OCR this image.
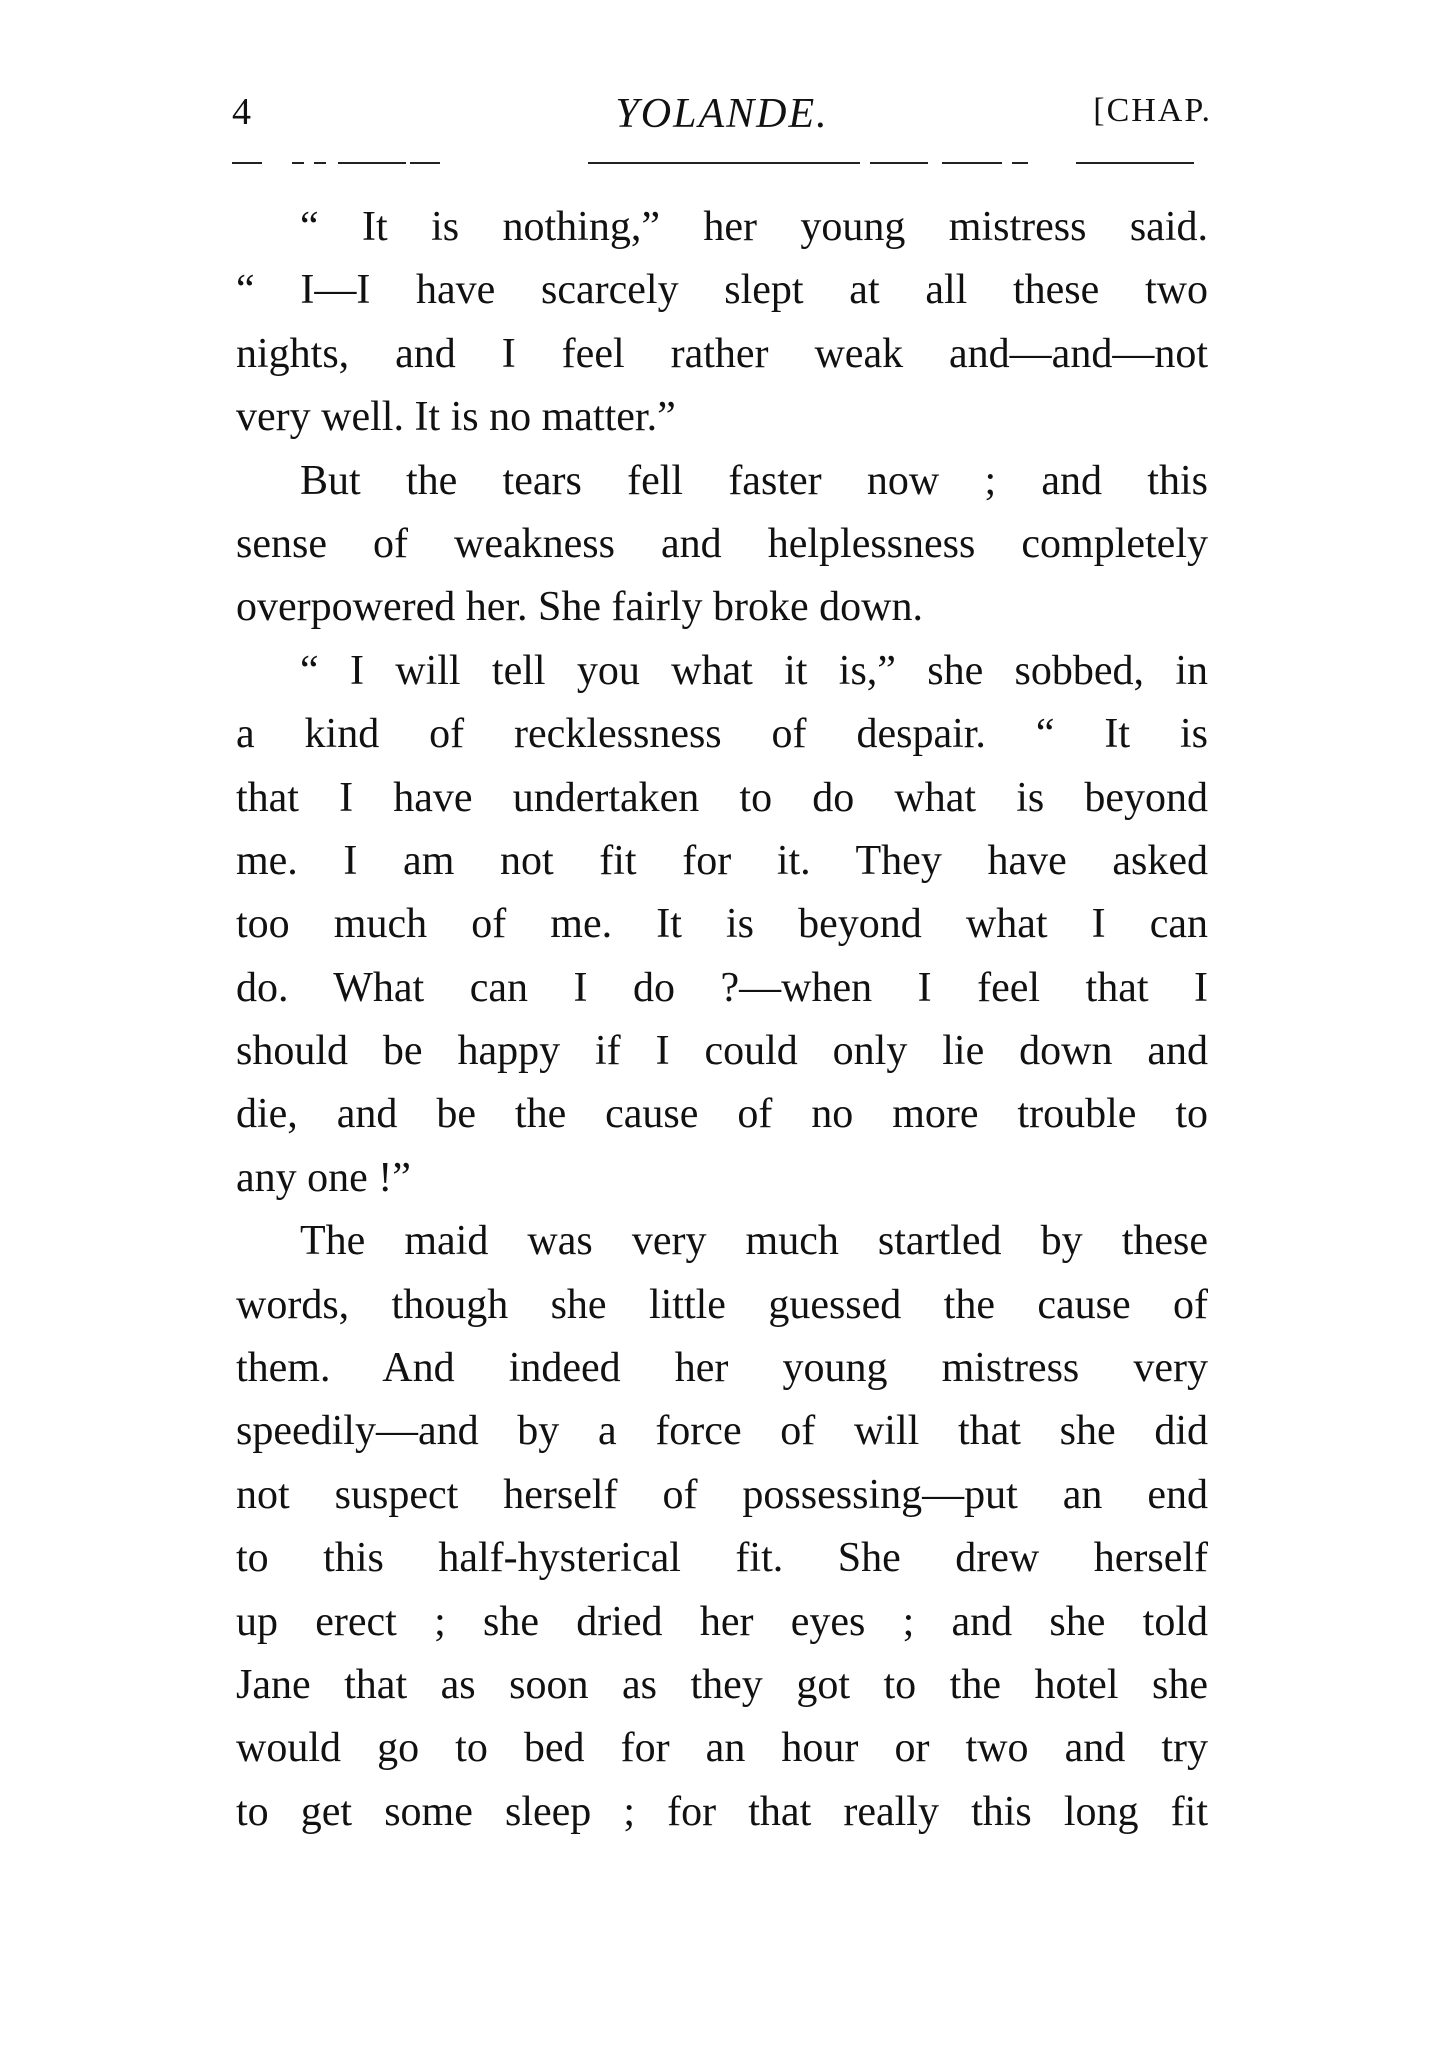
4	YOLANDE.	[CHAP.
“ It is nothing,” her young mistress said.
“ I—I have scarcely slept at all these two
nights, and I feel rather weak and—and—not
very well. It is no matter.”
But the tears fell faster now ; and this
sense of weakness and helplessness completely
overpowered her. She fairly broke down.
“ I will tell you what it is,” she sobbed, in
a kind of recklessness of despair. “ It is
that I have undertaken to do what is beyond
me. I am not fit for it. They have asked
too much of me. It is beyond what I can
do. What can I do ?—when I feel that I
should be happy if I could only lie down and
die, and be the cause of no more trouble to
any one !”
The maid was very much startled by these
words, though she little guessed the cause of
them. And indeed her young mistress very
speedily—and by a force of will that she did
not suspect herself of possessing—put an end
to this half-hysterical fit. She drew herself
up erect ; she dried her eyes ; and she told
Jane that as soon as they got to the hotel she
would go to bed for an hour or two and try
to get some sleep ; for that really this long fit
